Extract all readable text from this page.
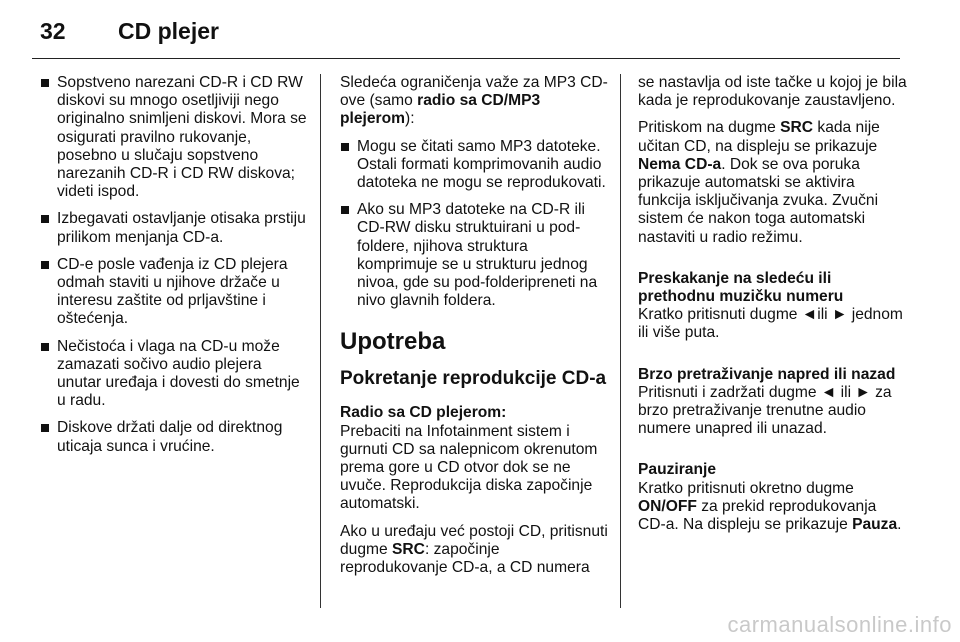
32 CD plejer
Sopstveno narezani CD-R i CD RW diskovi su mnogo osetljiviji nego originalno snimljeni diskovi. Mora se osigurati pravilno rukovanje, posebno u slučaju sopstveno narezanih CD-R i CD RW diskova; videti ispod.
Izbegavati ostavljanje otisaka prstiju prilikom menjanja CD-a.
CD-e posle vađenja iz CD plejera odmah staviti u njihove držače u interesu zaštite od prljavštine i oštećenja.
Nečistoća i vlaga na CD-u može zamazati sočivo audio plejera unutar uređaja i dovesti do smetnje u radu.
Diskove držati dalje od direktnog uticaja sunca i vrućine.

Sledeća ograničenja važe za MP3 CD-ove (samo radio sa CD/MP3 plejerom):

Mogu se čitati samo MP3 datoteke. Ostali formati komprimovanih audio datoteka ne mogu se reprodukovati.
Ako su MP3 datoteke na CD-R ili CD-RW disku struktuirani u pod-foldere, njihova struktura komprimuje se u strukturu jednog nivoa, gde su pod-folderipreneti na nivo glavnih foldera.
Upotreba
Pokretanje reprodukcije CD-a

Radio sa CD plejerom:

Prebaciti na Infotainment sistem i gurnuti CD sa nalepnicom okrenutom prema gore u CD otvor dok se ne uvuče. Reprodukcija diska započinje automatski.

Ako u uređaju već postoji CD, pritisnuti dugme SRC: započinje reprodukovanje CD-a, a CD numera

se nastavlja od iste tačke u kojoj je bila kada je reprodukovanje zaustavljeno.

Pritiskom na dugme SRC kada nije učitan CD, na displeju se prikazuje Nema CD-a. Dok se ova poruka prikazuje automatski se aktivira funkcija isključivanja zvuka. Zvučni sistem će nakon toga automatski nastaviti u radio režimu.

Preskakanje na sledeću ili prethodnu muzičku numeru

Kratko pritisnuti dugme ◄ili ► jednom ili više puta.

Brzo pretraživanje napred ili nazad

Pritisnuti i zadržati dugme ◄ ili ► za brzo pretraživanje trenutne audio numere unapred ili unazad.

Pauziranje

Kratko pritisnuti okretno dugme ON/OFF za prekid reprodukovanja CD-a. Na displeju se prikazuje Pauza.

carmanualsonline.info
